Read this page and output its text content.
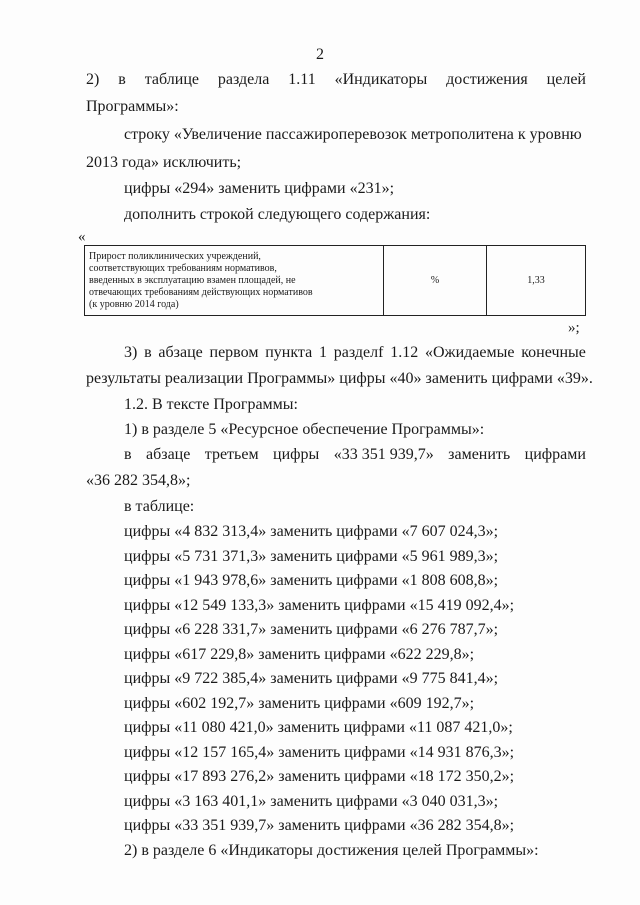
2
2) в таблице раздела 1.11 «Индикаторы достижения целей
Программы»:
строку «Увеличение пассажироперевозок метрополитена к уровню
2013 года» исключить;
цифры «294» заменить цифрами «231»;
дополнить строкой следующего содержания:
«
Прирост поликлинических учреждений,
соответствующих требованиям нормативов,
введенных в эксплуатацию взамен площадей, не
отвечающих требованиям действующих нормативов
(к уровню 2014 года)
	%	1,33
»;
3) в абзаце первом пункта 1 разделf 1.12 «Ожидаемые конечные
результаты реализации Программы» цифры «40» заменить цифрами «39».
1.2. В тексте Программы:
1) в разделе 5 «Ресурсное обеспечение Программы»:
в абзаце третьем цифры «33 351 939,7» заменить цифрами
«36 282 354,8»;
в таблице:
цифры «4 832 313,4» заменить цифрами «7 607 024,3»;
цифры «5 731 371,3» заменить цифрами «5 961 989,3»;
цифры «1 943 978,6» заменить цифрами «1 808 608,8»;
цифры «12 549 133,3» заменить цифрами «15 419 092,4»;
цифры «6 228 331,7» заменить цифрами «6 276 787,7»;
цифры «617 229,8» заменить цифрами «622 229,8»;
цифры «9 722 385,4» заменить цифрами «9 775 841,4»;
цифры «602 192,7» заменить цифрами «609 192,7»;
цифры «11 080 421,0» заменить цифрами «11 087 421,0»;
цифры «12 157 165,4» заменить цифрами «14 931 876,3»;
цифры «17 893 276,2» заменить цифрами «18 172 350,2»;
цифры «3 163 401,1» заменить цифрами «3 040 031,3»;
цифры «33 351 939,7» заменить цифрами «36 282 354,8»;
2) в разделе 6 «Индикаторы достижения целей Программы»:
